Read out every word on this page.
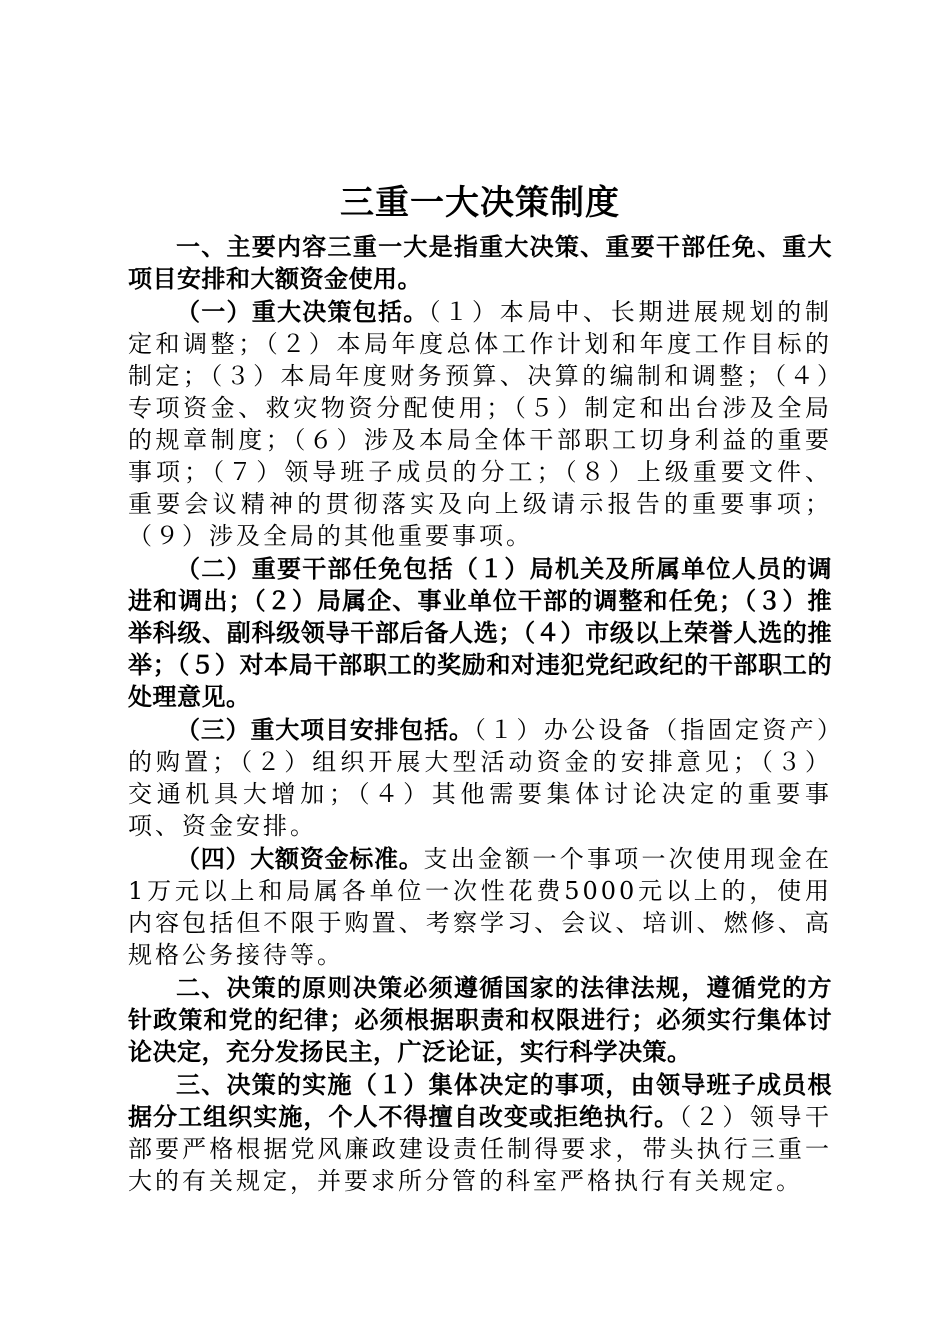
三重一大决策制度

一、主要内容三重一大是指重大决策、重要干部任免、重大项目安排和大额资金使用。

（一）重大决策包括。（１）本局中、长期进展规划的制定和调整；（２）本局年度总体工作计划和年度工作目标的制定；（３）本局年度财务预算、决算的编制和调整；（４）专项资金、救灾物资分配使用；（５）制定和出台涉及全局的规章制度；（６）涉及本局全体干部职工切身利益的重要事项；（７）领导班子成员的分工；（８）上级重要文件、重要会议精神的贯彻落实及向上级请示报告的重要事项；（９）涉及全局的其他重要事项。

（二）重要干部任免包括（１）局机关及所属单位人员的调进和调出；（２）局属企、事业单位干部的调整和任免；（３）推举科级、副科级领导干部后备人选；（４）市级以上荣誉人选的推举；（５）对本局干部职工的奖励和对违犯党纪政纪的干部职工的处理意见。

（三）重大项目安排包括。（１）办公设备（指固定资产）的购置；（２）组织开展大型活动资金的安排意见；（３）交通机具大增加；（４）其他需要集体讨论决定的重要事项、资金安排。

（四）大额资金标准。支出金额一个事项一次使用现金在1万元以上和局属各单位一次性花费5000元以上的，使用内容包括但不限于购置、考察学习、会议、培训、燃修、高规格公务接待等。

二、决策的原则决策必须遵循国家的法律法规，遵循党的方针政策和党的纪律；必须根据职责和权限进行；必须实行集体讨论决定，充分发扬民主，广泛论证，实行科学决策。

三、决策的实施（１）集体决定的事项，由领导班子成员根据分工组织实施，个人不得擅自改变或拒绝执行。（２）领导干部要严格根据党风廉政建设责任制得要求，带头执行三重一大的有关规定，并要求所分管的科室严格执行有关规定。
